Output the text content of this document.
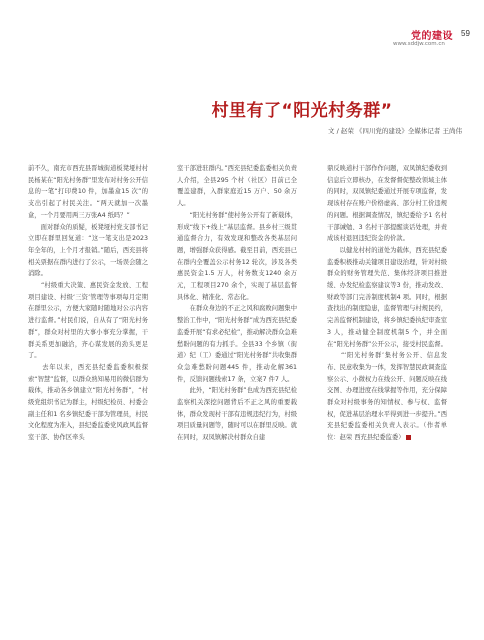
党的建设
www.sddjw.com.cn
59
村里有了“阳光村务群”
文 / 赵荣 《四川党的建设》全媒体记者 王尚伟

前不久，南充市西充县晋城街道板凳垭村村民杨某在“阳光村务群”里发布对村务公开信息的一笔“打印费10 件，加墨盒15 次”的支出引起了村民关注。“两天就加一次墨盒，一个月要用两三万张A4 纸吗？”

　　面对群众的质疑，板凳垭村党支部书记立即在群里回复道：“这一笔支出是2023 年全年的，上个月才报销。”随后，西充县将相关票据在群内进行了公示，一场误会随之消除。

　　“村级重大决策、惠民资金发放、工程项目建设、村级‘三资’管理等事项每月定期在群里公示，方便大家随时随地对公示内容进行监督。”村民们说，自从有了“阳光村务群”，群众对村里的大事小事充分掌握，干群关系更加融洽，齐心谋发展的劲头更足了。

　　去年以来，西充县纪委监委积极探索“智慧”监督，以群众熟知易用的微信群为载体，推动各乡镇建立“阳光村务群”，“村级党组织书记为群主，村级纪检员、村委会副主任和1 名乡镇纪委干部为管理员，村民文化程度为准入，县纪委监委党风政风监督室干部、协作区牵头

室干部进驻群内。”西充县纪委监委相关负责人介绍，全县295 个村（社区）目前已全覆盖建群，入群家庭近15 万户、50 余万人。

　　“阳光村务群”使村务公开有了新载体，形成“线下+线上”基层监督。县乡村三级贯通监督合力，有效发现和整改各类基层问题，增强群众获得感。截至目前，西充县已在群内全覆盖公示村务12 轮次，涉及各类惠民资金1.5 万人，村务数支1240 余万元，工程项目270 余个，实现了基层监督具体化、精准化、常态化。

　　在群众身边的不正之风和腐败问题集中整治工作中，“阳光村务群”成为西充县纪委监委开展“有求必纪检”，推动解决群众急难愁盼问题的有力抓手。全县33 个乡镇（街道）纪（工）委通过“阳光村务群”共收集群众急难愁盼问题445 件，推动化解361 件，反馈问题线索17 条，立案7 件7 人。

　　此外，“阳光村务群”也成为西充县纪检监察机关深挖问题背后不正之风的重要载体，群众发现村干部有违规违纪行为，村级项目质量问题等，随时可以在群里反映。就在同时，双凤镇解决村群众自建

鼎反映道村干部作作问题，双凤镇纪委收到信息后立即核办，在发督督促整改领域主体的同时，双凤镇纪委通过开展专项监督，发现该村存在账户价格虚高、部分村工价违规的问题。根据调查情况，镇纪委给予1 名村干部诫勉、3 名村干部提醒谈话处理，并责成该村退回违纪资金的价款。

　　以健龙村村的道处为载体，西充县纪委监委积极推动关键项目建设治理，针对村级群众的财务管理失范、集体经济项目推进缓、办发纪检监察建议等3 份，推动发改、财政等部门完善制度机制4 项。同时，根据查找出的制度隐患，监督管理与村规民约，完善监督机制建设，将乡镇纪委执纪审查室3 人，推动健全制度机制5 个，并全面在“阳光村务群”公开公示，接受村民监督。

　　“‘阳光村务群’集村务公开、信息发布、民意收集为一体，发挥智慧民政调查监察公示、小微权力在线公开、问题反映在线交图、办理进度在线掌握等作用，充分保障群众对村级事务的知情权、参与权、监督权，促进基层治理水平得到进一步提升。”西充县纪委监委相关负责人表示。（作者单位：赵荣 西充县纪委监委）
